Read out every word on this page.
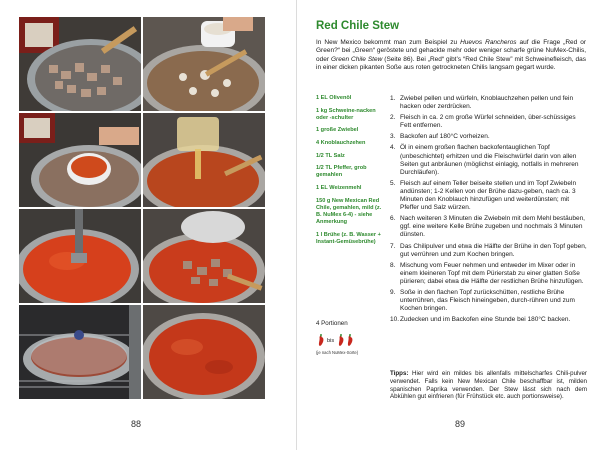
88
Red Chile Stew

In New Mexico bekommt man zum Beispiel zu Huevos Rancheros auf die Frage „Red or Green?“ bei „Green“ geröstete und gehackte mehr oder weniger scharfe grüne NuMex-Chilis, oder Green Chile Stew (Seite 86). Bei „Red“ gibt’s “Red Chile Stew” mit Schweinefleisch, das in einer dicken pikanten Soße aus roten getrockneten Chilis langsam gegart wurde.

1 EL Olivenöl
1 kg Schweine-nacken oder -schulter
1 große Zwiebel
4 Knoblauchzehen
1/2 TL Salz
1/2 TL Pfeffer, grob gemahlen
1 EL Weizenmehl
150 g New Mexican Red Chile, gemahlen, mild (z. B. NuMex 6-4) - siehe Anmerkung
1 l Brühe (z. B. Wasser + Instant-Gemüsebrühe)
4 Portionen
bis
(je nach NuMex-Sorte)
1. Zwiebel pellen und würfeln, Knoblauchzehen pellen und fein hacken oder zerdrücken.
2. Fleisch in ca. 2 cm große Würfel schneiden, über-schüssiges Fett entfernen.
3. Backofen auf 180°C vorheizen.
4. Öl in einem großen flachen backofentauglichen Topf (unbeschichtet) erhitzen und die Fleischwürfel darin von allen Seiten gut anbräunen (möglichst einlagig, notfalls in mehreren Durchläufen).
5. Fleisch auf einem Teller beiseite stellen und im Topf Zwiebeln andünsten; 1-2 Kellen von der Brühe dazu-geben, nach ca. 3 Minuten den Knoblauch hinzufügen und weiterdünsten; mit Pfeffer und Salz würzen.
6. Nach weiteren 3 Minuten die Zwiebeln mit dem Mehl bestäuben, ggf. eine weitere Kelle Brühe zugeben und nochmals 3 Minuten dünsten.
7. Das Chilipulver und etwa die Hälfte der Brühe in den Topf geben, gut verrühren und zum Kochen bringen.
8. Mischung vom Feuer nehmen und entweder im Mixer oder in einem kleineren Topf mit dem Pürierstab zu einer glatten Soße pürieren; dabei etwa die Hälfte der restlichen Brühe hinzufügen.
9. Soße in den flachen Topf zurückschütten, restliche Brühe unterrühren, das Fleisch hineingeben, durch-rühren und zum Kochen bringen.
10. Zudecken und im Backofen eine Stunde bei 180°C backen.

Tipps: Hier wird ein mildes bis allenfalls mittelscharfes Chili-pulver verwendet. Falls kein New Mexican Chile beschaffbar ist, milden spanischen Paprika verwenden. Der Stew lässt sich nach dem Abkühlen gut einfrieren (für Frühstück etc. auch portionsweise).

89
